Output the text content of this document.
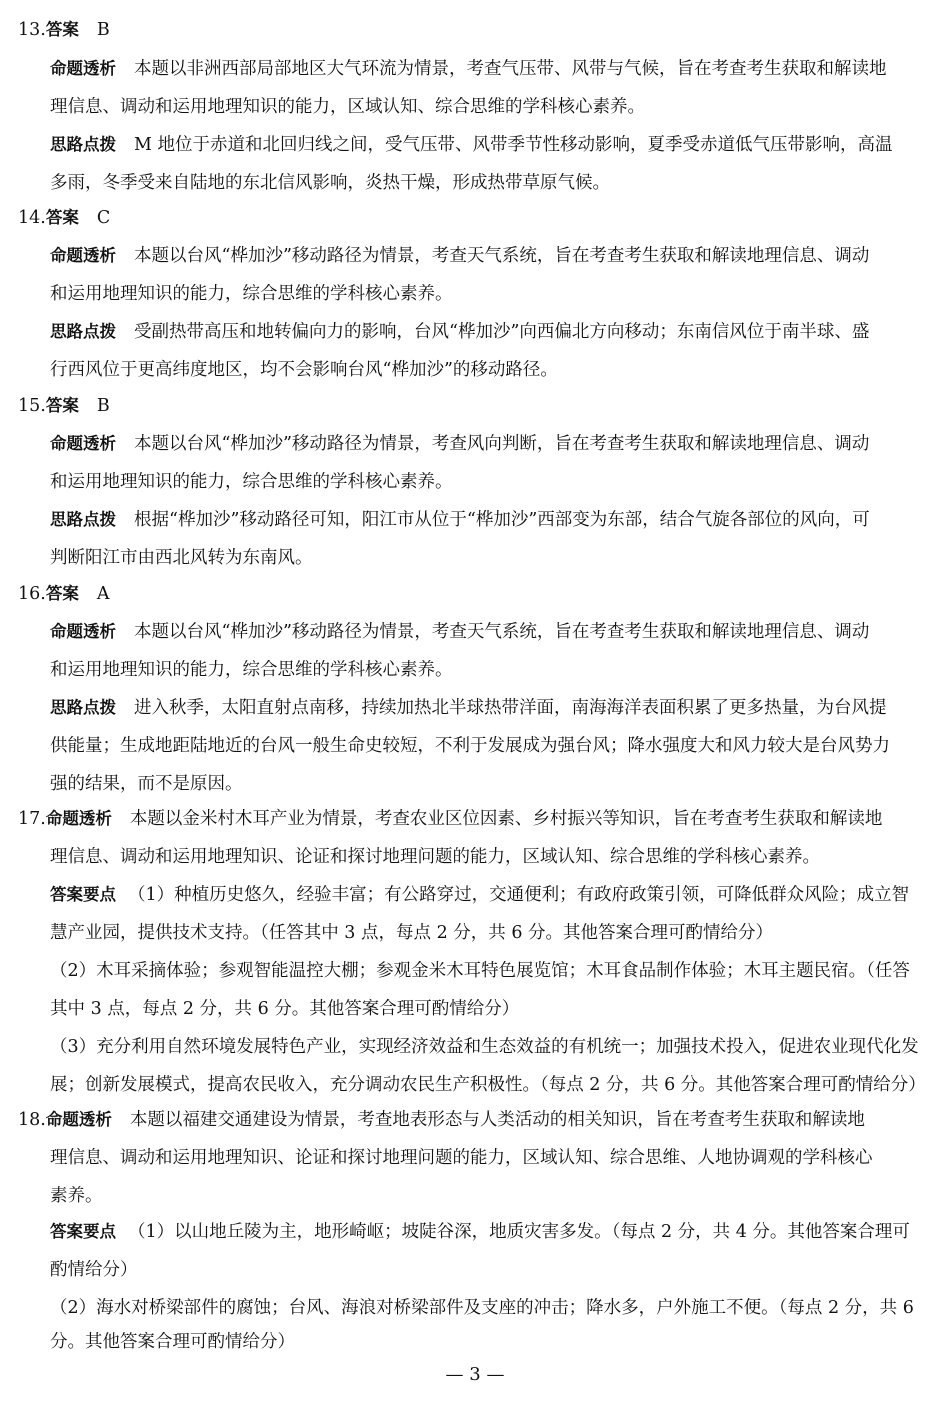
13.答案 B
命题透析 本题以非洲西部局部地区大气环流为情景，考查气压带、风带与气候，旨在考查考生获取和解读地
理信息、调动和运用地理知识的能力，区域认知、综合思维的学科核心素养。
思路点拨 M 地位于赤道和北回归线之间，受气压带、风带季节性移动影响，夏季受赤道低气压带影响，高温
多雨，冬季受来自陆地的东北信风影响，炎热干燥，形成热带草原气候。
14.答案 C
命题透析 本题以台风“桦加沙”移动路径为情景，考查天气系统，旨在考查考生获取和解读地理信息、调动
和运用地理知识的能力，综合思维的学科核心素养。
思路点拨 受副热带高压和地转偏向力的影响，台风“桦加沙”向西偏北方向移动；东南信风位于南半球、盛
行西风位于更高纬度地区，均不会影响台风“桦加沙”的移动路径。
15.答案 B
命题透析 本题以台风“桦加沙”移动路径为情景，考查风向判断，旨在考查考生获取和解读地理信息、调动
和运用地理知识的能力，综合思维的学科核心素养。
思路点拨 根据“桦加沙”移动路径可知，阳江市从位于“桦加沙”西部变为东部，结合气旋各部位的风向，可
判断阳江市由西北风转为东南风。
16.答案 A
命题透析 本题以台风“桦加沙”移动路径为情景，考查天气系统，旨在考查考生获取和解读地理信息、调动
和运用地理知识的能力，综合思维的学科核心素养。
思路点拨 进入秋季，太阳直射点南移，持续加热北半球热带洋面，南海海洋表面积累了更多热量，为台风提
供能量；生成地距陆地近的台风一般生命史较短，不利于发展成为强台风；降水强度大和风力较大是台风势力
强的结果，而不是原因。
17.命题透析 本题以金米村木耳产业为情景，考查农业区位因素、乡村振兴等知识，旨在考查考生获取和解读地
理信息、调动和运用地理知识、论证和探讨地理问题的能力，区域认知、综合思维的学科核心素养。
答案要点 （1）种植历史悠久，经验丰富；有公路穿过，交通便利；有政府政策引领，可降低群众风险；成立智
慧产业园，提供技术支持。（任答其中 3 点，每点 2 分，共 6 分。其他答案合理可酌情给分）
（2）木耳采摘体验；参观智能温控大棚；参观金米木耳特色展览馆；木耳食品制作体验；木耳主题民宿。（任答
其中 3 点，每点 2 分，共 6 分。其他答案合理可酌情给分）
（3）充分利用自然环境发展特色产业，实现经济效益和生态效益的有机统一；加强技术投入，促进农业现代化发
展；创新发展模式，提高农民收入，充分调动农民生产积极性。（每点 2 分，共 6 分。其他答案合理可酌情给分）
18.命题透析 本题以福建交通建设为情景，考查地表形态与人类活动的相关知识，旨在考查考生获取和解读地
理信息、调动和运用地理知识、论证和探讨地理问题的能力，区域认知、综合思维、人地协调观的学科核心
素养。
答案要点 （1）以山地丘陵为主，地形崎岖；坡陡谷深，地质灾害多发。（每点 2 分，共 4 分。其他答案合理可
酌情给分）
（2）海水对桥梁部件的腐蚀；台风、海浪对桥梁部件及支座的冲击；降水多，户外施工不便。（每点 2 分，共 6
分。其他答案合理可酌情给分）
— 3 —
